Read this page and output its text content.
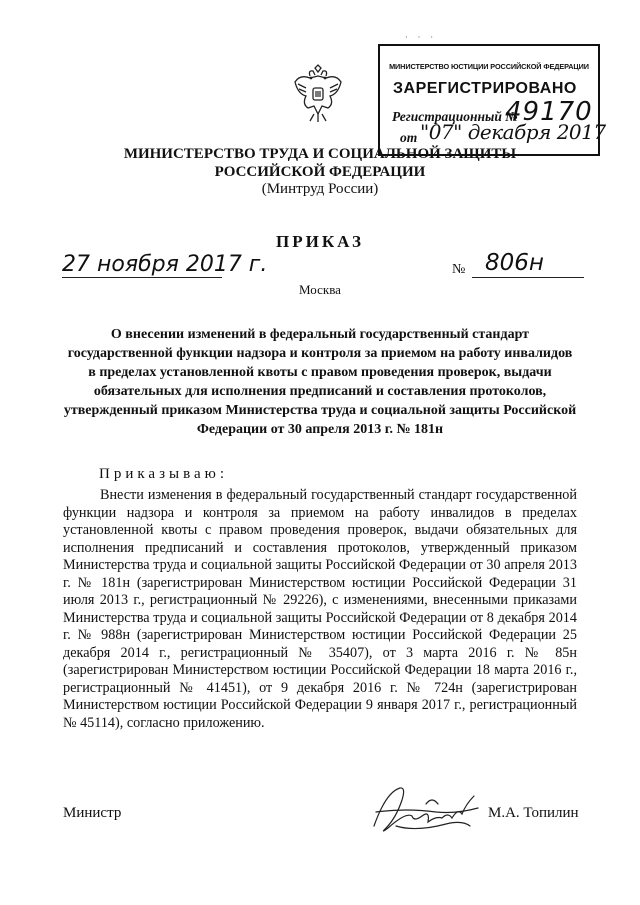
· · ·
МИНИСТЕРСТВО ЮСТИЦИИ РОССИЙСКОЙ ФЕДЕРАЦИИ
ЗАРЕГИСТРИРОВАНО
Регистрационный №
49170
от "07" декабря 2017
МИНИСТЕРСТВО ТРУДА И СОЦИАЛЬНОЙ ЗАЩИТЫ
РОССИЙСКОЙ ФЕДЕРАЦИИ
(Минтруд России)
ПРИКАЗ
27 ноября 2017 г.	№ 806н
Москва
О внесении изменений в федеральный государственный стандарт государственной функции надзора и контроля за приемом на работу инвалидов в пределах установленной квоты с правом проведения проверок, выдачи обязательных для исполнения предписаний и составления протоколов, утвержденный приказом Министерства труда и социальной защиты Российской Федерации от 30 апреля 2013 г. № 181н
Приказываю:
Внести изменения в федеральный государственный стандарт государственной функции надзора и контроля за приемом на работу инвалидов в пределах установленной квоты с правом проведения проверок, выдачи обязательных для исполнения предписаний и составления протоколов, утвержденный приказом Министерства труда и социальной защиты Российской Федерации от 30 апреля 2013 г. № 181н (зарегистрирован Министерством юстиции Российской Федерации 31 июля 2013 г., регистрационный № 29226), с изменениями, внесенными приказами Министерства труда и социальной защиты Российской Федерации от 8 декабря 2014 г. № 988н (зарегистрирован Министерством юстиции Российской Федерации 25 декабря 2014 г., регистрационный № 35407), от 3 марта 2016 г. № 85н (зарегистрирован Министерством юстиции Российской Федерации 18 марта 2016 г., регистрационный № 41451), от 9 декабря 2016 г. № 724н (зарегистрирован Министерством юстиции Российской Федерации 9 января 2017 г., регистрационный № 45114), согласно приложению.
Министр	М.А. Топилин
